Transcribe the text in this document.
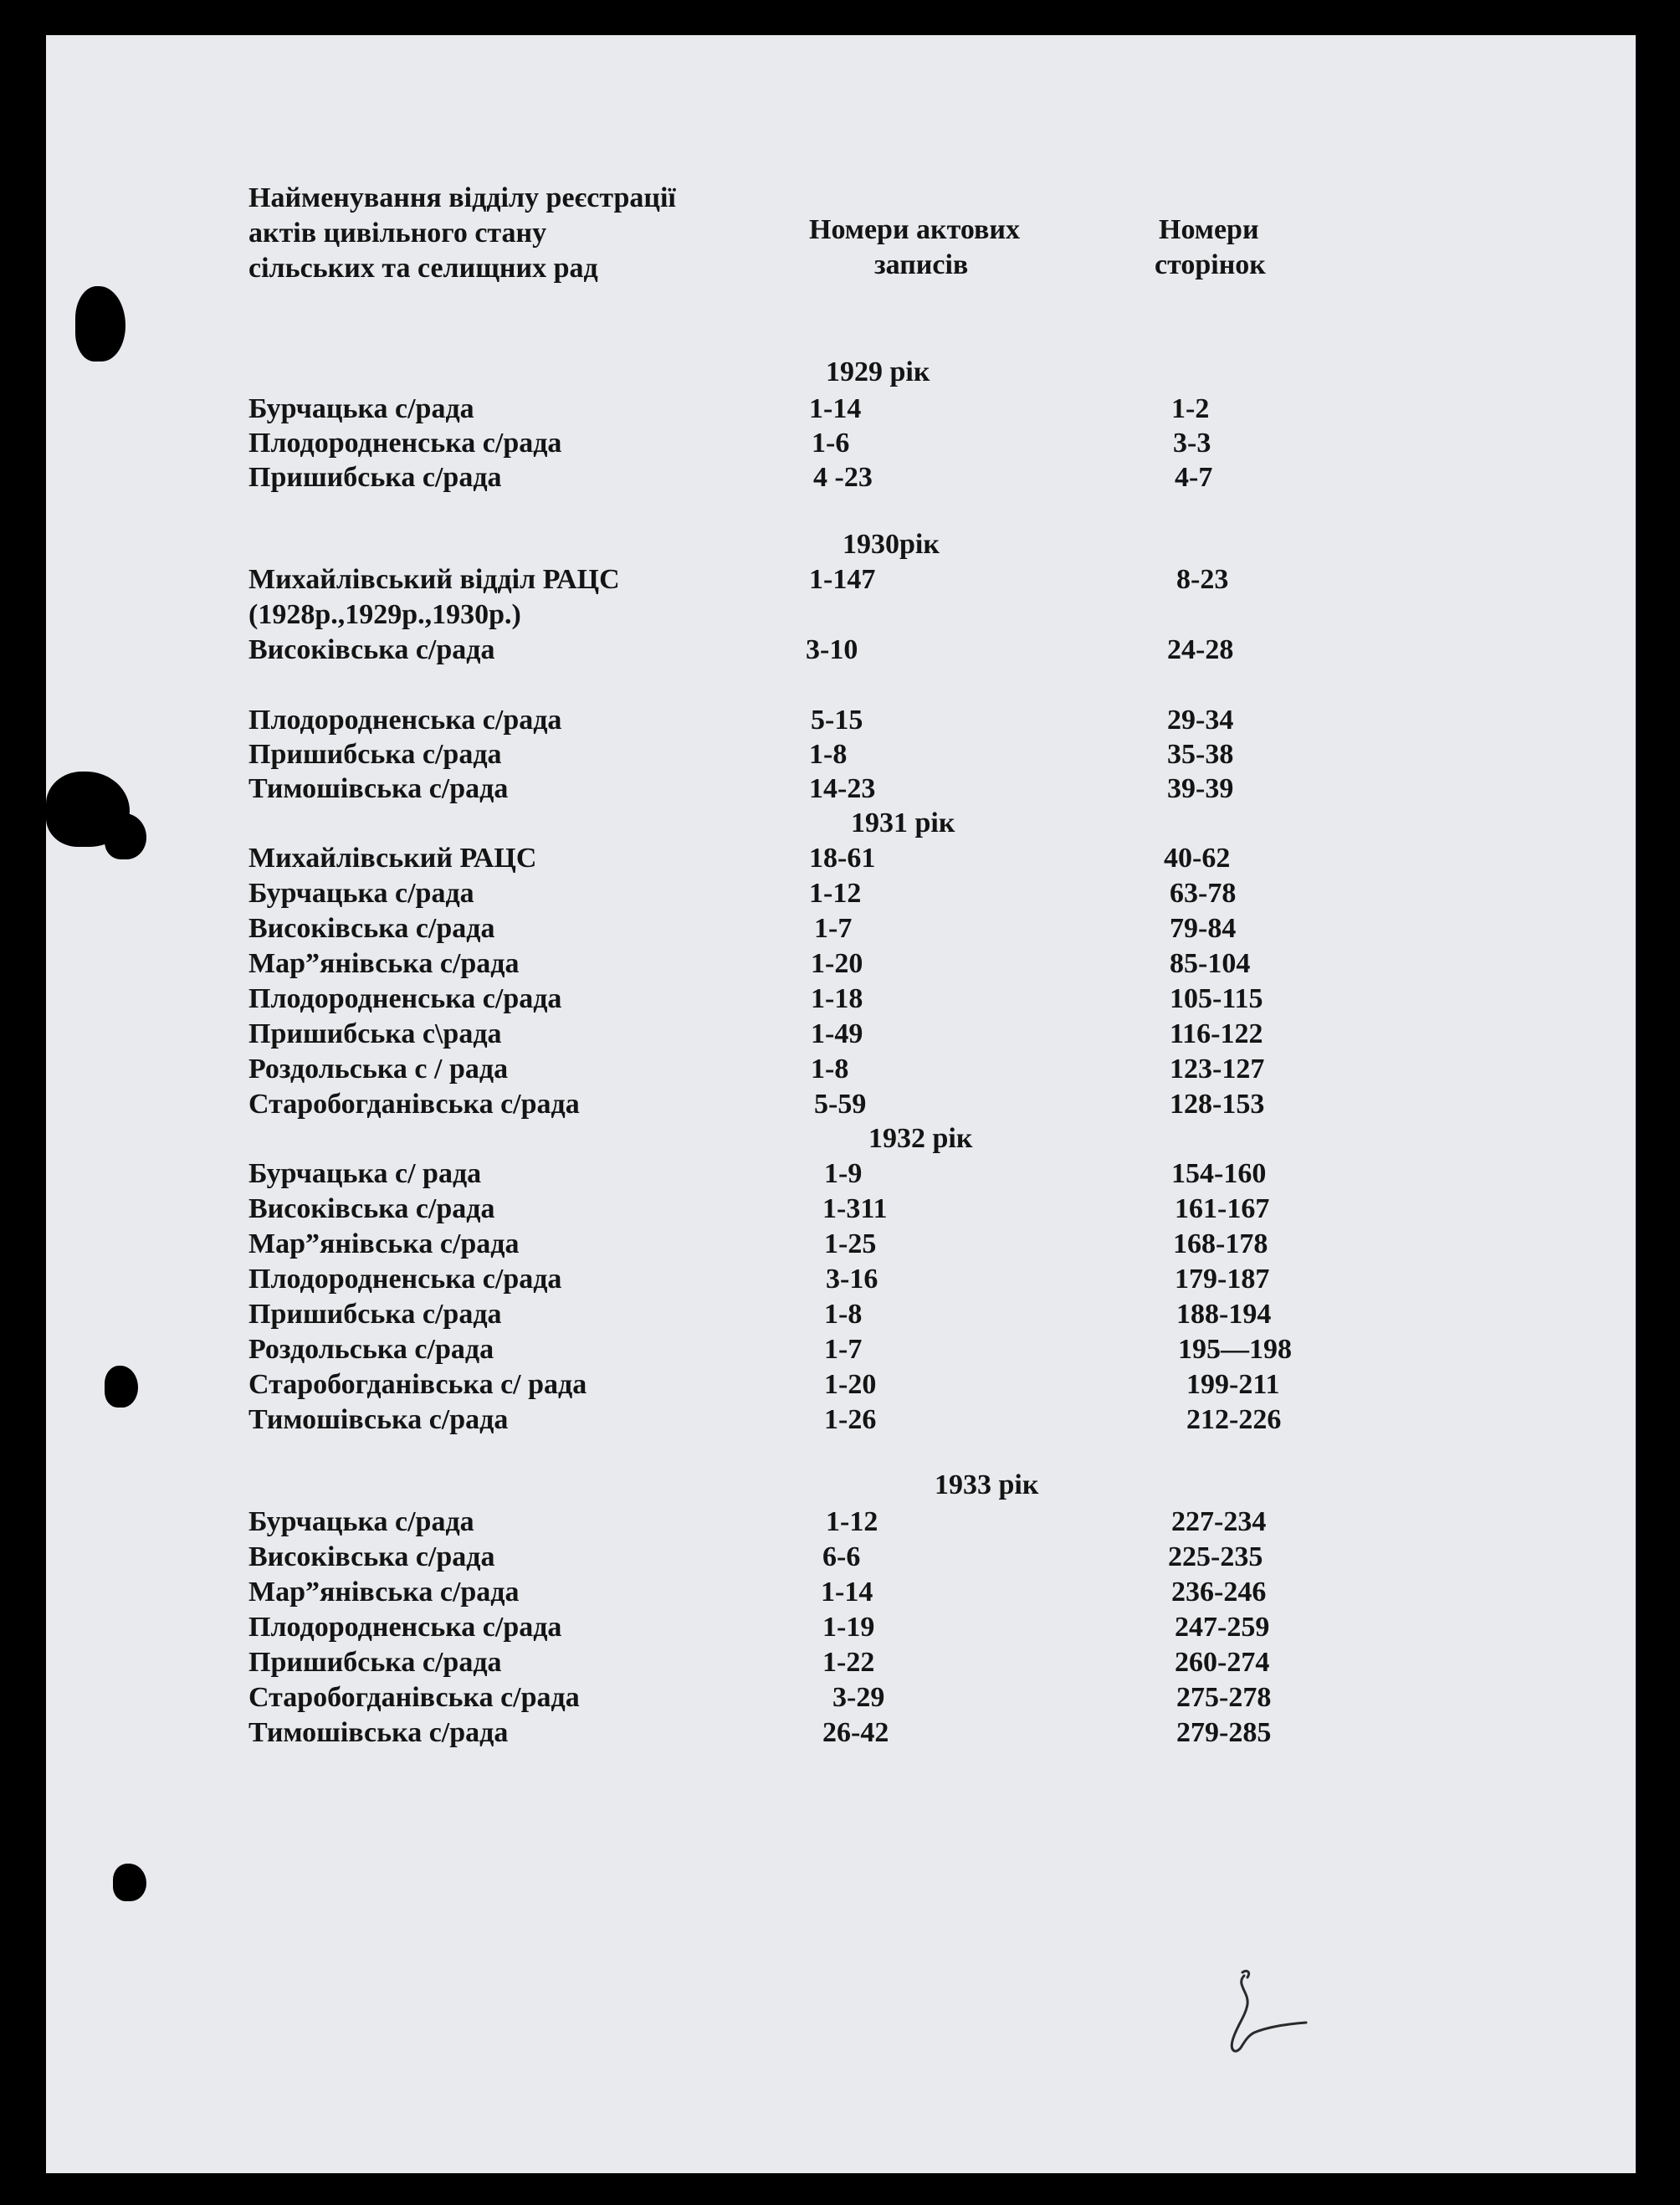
Найменування відділу реєстрації
актів цивільного стану
сільських та селищних рад
Номери актових
записів
Номери
сторінок
1929 рік
Бурчацька с/рада	1-14	1-2
Плодородненська с/рада	1-6	3-3
Пришибська с/рада	4 -23	4-7
1930рік
Михайлівський відділ РАЦС	1-147	8-23
(1928р.,1929р.,1930р.)
Високівська с/рада	3-10	24-28
Плодородненська с/рада	5-15	29-34
Пришибська с/рада	1-8	35-38
Тимошівська с/рада	14-23	39-39
1931 рік
Михайлівський РАЦС	18-61	40-62
Бурчацька с/рада	1-12	63-78
Високівська с/рада	1-7	79-84
Мар”янівська с/рада	1-20	85-104
Плодородненська с/рада	1-18	105-115
Пришибська с\рада	1-49	116-122
Роздольська с / рада	1-8	123-127
Старобогданівська с/рада	5-59	128-153
1932 рік
Бурчацька с/ рада	1-9	154-160
Високівська с/рада	1-311	161-167
Мар”янівська с/рада	1-25	168-178
Плодородненська с/рада	3-16	179-187
Пришибська с/рада	1-8	188-194
Роздольська с/рада	1-7	195—198
Старобогданівська с/ рада	1-20	199-211
Тимошівська с/рада	1-26	212-226
1933 рік
Бурчацька с/рада	1-12	227-234
Високівська с/рада	6-6	225-235
Мар”янівська с/рада	1-14	236-246
Плодородненська с/рада	1-19	247-259
Пришибська с/рада	1-22	260-274
Старобогданівська с/рада	3-29	275-278
Тимошівська с/рада	26-42	279-285
